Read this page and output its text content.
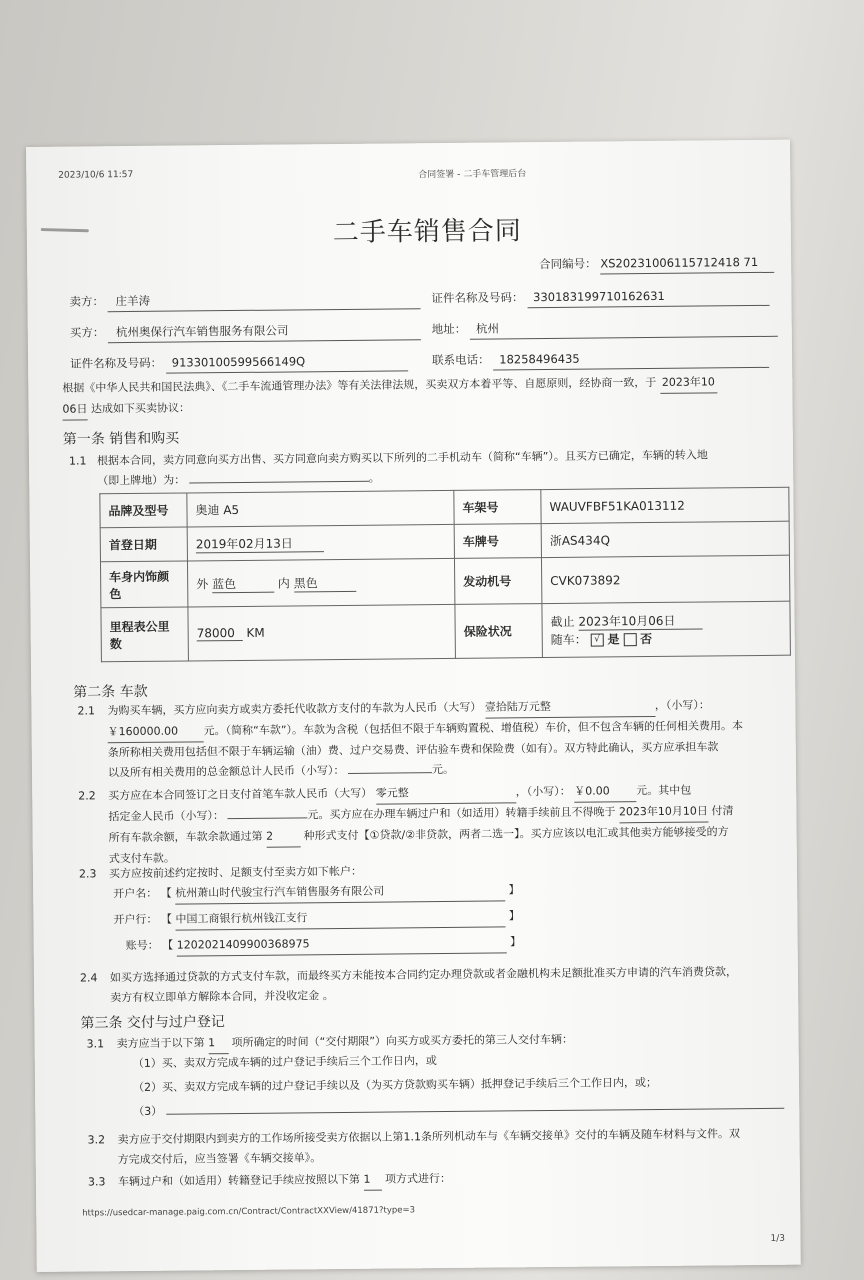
2023/10/6 11:57	合同签署 - 二手车管理后台
二手车销售合同
合同编号： XS20231006115712418 71
卖方： 庄羊涛	证件名称及号码： 330183199710162631
买方： 杭州奥保行汽车销售服务有限公司	地址： 杭州
证件名称及号码： 91330100599566149Q	联系电话： 18258496435
根据《中华人民共和国民法典》、《二手车流通管理办法》等有关法律法规，买卖双方本着平等、自愿原则，经协商一致，于 2023年10
06日 达成如下买卖协议：
第一条 销售和购买
1.1 根据本合同，卖方同意向买方出售、买方同意向卖方购买以下所列的二手机动车（简称“车辆”）。且买方已确定，车辆的转入地
（即上牌地）为：	。
品牌及型号	奥迪 A5	车架号	WAUVFBF51KA013112
首登日期	2019年02月13日	车牌号	浙AS434Q
车身内饰颜色	外 蓝色 内 黑色	发动机号	CVK073892
里程表公里数	78000 KM	保险状况	截止 2023年10月06日
随车： √ 是 否
第二条 车款
2.1 为购买车辆，买方应向卖方或卖方委托代收款方支付的车款为人民币（大写） 壹拾陆万元整	，（小写）：
￥160000.00 元。（简称“车款”）。车款为含税（包括但不限于车辆购置税、增值税）车价，但不包含车辆的任何相关费用。本
条所称相关费用包括但不限于车辆运输（油）费、过户交易费、评估验车费和保险费（如有）。双方特此确认，买方应承担车款
以及所有相关费用的总金额总计人民币（小写）：	元。
2.2 买方应在本合同签订之日支付首笔车款人民币（大写） 零元整	，（小写）： ￥0.00 元。其中包
括定金人民币（小写）：	元。买方应在办理车辆过户和（如适用）转籍手续前且不得晚于 2023年10月10日 付清
所有车款余额，车款余款通过第 2	种形式支付【①贷款/②非贷款，两者二选一】。买方应该以电汇或其他卖方能够接受的方
式支付车款。
2.3 买方应按前述约定按时、足额支付至卖方如下帐户：
开户名： 【 杭州萧山时代骏宝行汽车销售服务有限公司	】
开户行： 【 中国工商银行杭州钱江支行	】
账号： 【 1202021409900368975	】
2.4 如买方选择通过贷款的方式支付车款，而最终买方未能按本合同约定办理贷款或者金融机构未足额批准买方申请的汽车消费贷款，
卖方有权立即单方解除本合同，并没收定金 。
第三条 交付与过户登记
3.1 卖方应当于以下第 1 项所确定的时间（“交付期限”）向买方或买方委托的第三人交付车辆：
（1）买、卖双方完成车辆的过户登记手续后三个工作日内，或
（2）买、卖双方完成车辆的过户登记手续以及（为买方贷款购买车辆）抵押登记手续后三个工作日内，或；
（3）
3.2 卖方应于交付期限内到卖方的工作场所接受卖方依据以上第1.1条所列机动车与《车辆交接单》交付的车辆及随车材料与文件。双
方完成交付后，应当签署《车辆交接单》。
3.3 车辆过户和（如适用）转籍登记手续应按照以下第 1 项方式进行：
https://usedcar-manage.paig.com.cn/Contract/ContractXXView/41871?type=3
1/3
